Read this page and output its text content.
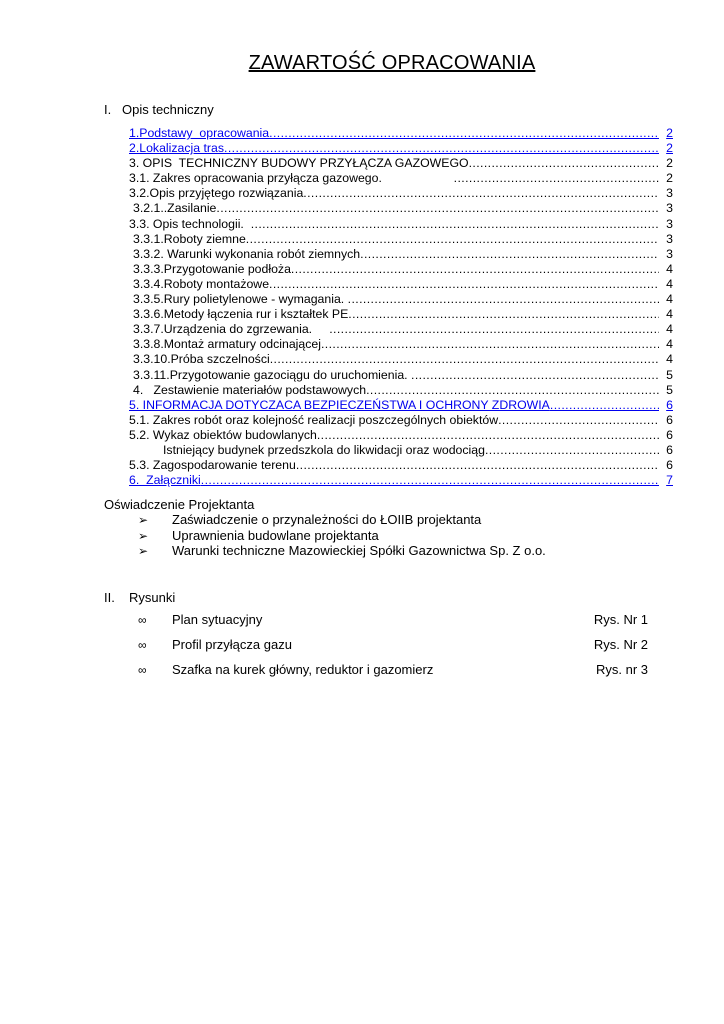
ZAWARTOŚĆ OPRACOWANIA
I. Opis techniczny
1.Podstawy  opracowania .....	2
2.Lokalizacja tras .....	2
3. OPIS  TECHNICZNY BUDOWY PRZYŁĄCZA GAZOWEGO .....	2
3.1. Zakres opracowania przyłącza gazowego. .....	2
3.2.Opis przyjętego rozwiązania .....	3
3.2.1..Zasilanie .....	3
3.3. Opis technologii. .....	3
3.3.1.Roboty ziemne .....	3
3.3.2. Warunki wykonania robót ziemnych .....	3
3.3.3.Przygotowanie podłoża .....	4
3.3.4.Roboty montażowe .....	4
3.3.5.Rury polietylenowe - wymagania. .....	4
3.3.6.Metody łączenia rur i kształtek PE .....	4
3.3.7.Urządzenia do zgrzewania. .....	4
3.3.8.Montaż armatury odcinającej .....	4
3.3.10.Próba szczelności .....	4
3.3.11.Przygotowanie gazociągu do uruchomienia. .....	5
4.   Zestawienie materiałów podstawowych .....	5
5. INFORMACJA DOTYCZACA BEZPIECZEŃSTWA I OCHRONY ZDROWIA .....	6
5.1. Zakres robót oraz kolejność realizacji poszczególnych obiektów .....	6
5.2. Wykaz obiektów budowlanych .....	6
Istniejący budynek przedszkola do likwidacji oraz wodociąg .....	6
5.3. Zagospodarowanie terenu .....	6
6.  Załączniki .....	7
Oświadczenie Projektanta
➢	Zaświadczenie o przynależności do ŁOIIB projektanta
➢	Uprawnienia budowlane projektanta
➢	Warunki techniczne Mazowieckiej Spółki Gazownictwa Sp. Z o.o.
II. Rysunki
∞	Plan sytuacyjny	Rys. Nr 1
∞	Profil przyłącza gazu	Rys. Nr 2
∞	Szafka na kurek główny, reduktor i gazomierz	Rys. nr 3
